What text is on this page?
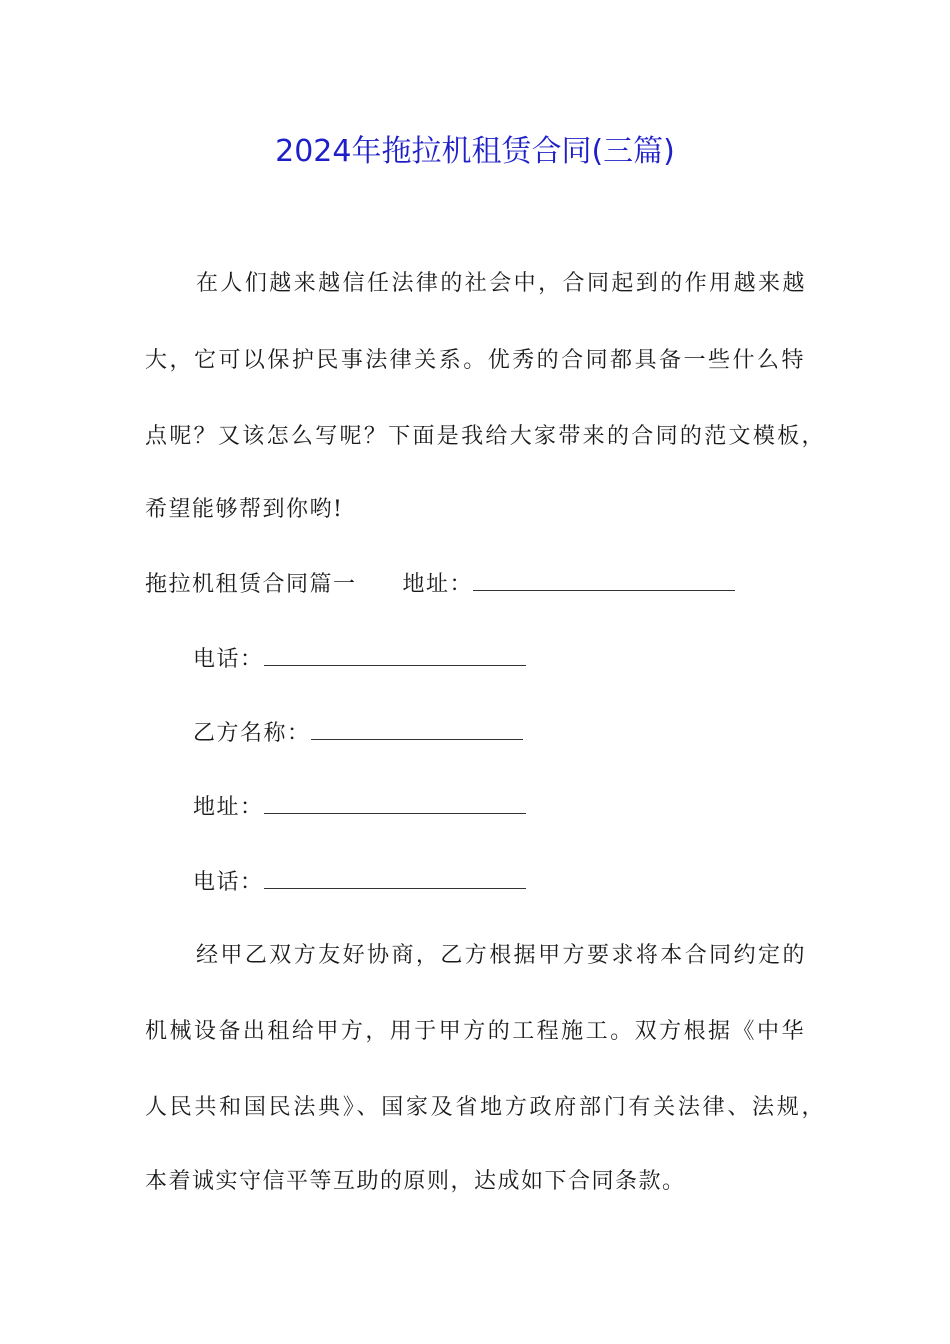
2024年拖拉机租赁合同(三篇)
在人们越来越信任法律的社会中，合同起到的作用越来越
大，它可以保护民事法律关系。优秀的合同都具备一些什么特
点呢？又该怎么写呢？下面是我给大家带来的合同的范文模板，
希望能够帮到你哟!
拖拉机租赁合同篇一 地址：
电话：
乙方名称：
地址：
电话：
经甲乙双方友好协商，乙方根据甲方要求将本合同约定的
机械设备出租给甲方，用于甲方的工程施工。双方根据《中华
人民共和国民法典》、国家及省地方政府部门有关法律、法规，
本着诚实守信平等互助的原则，达成如下合同条款。
